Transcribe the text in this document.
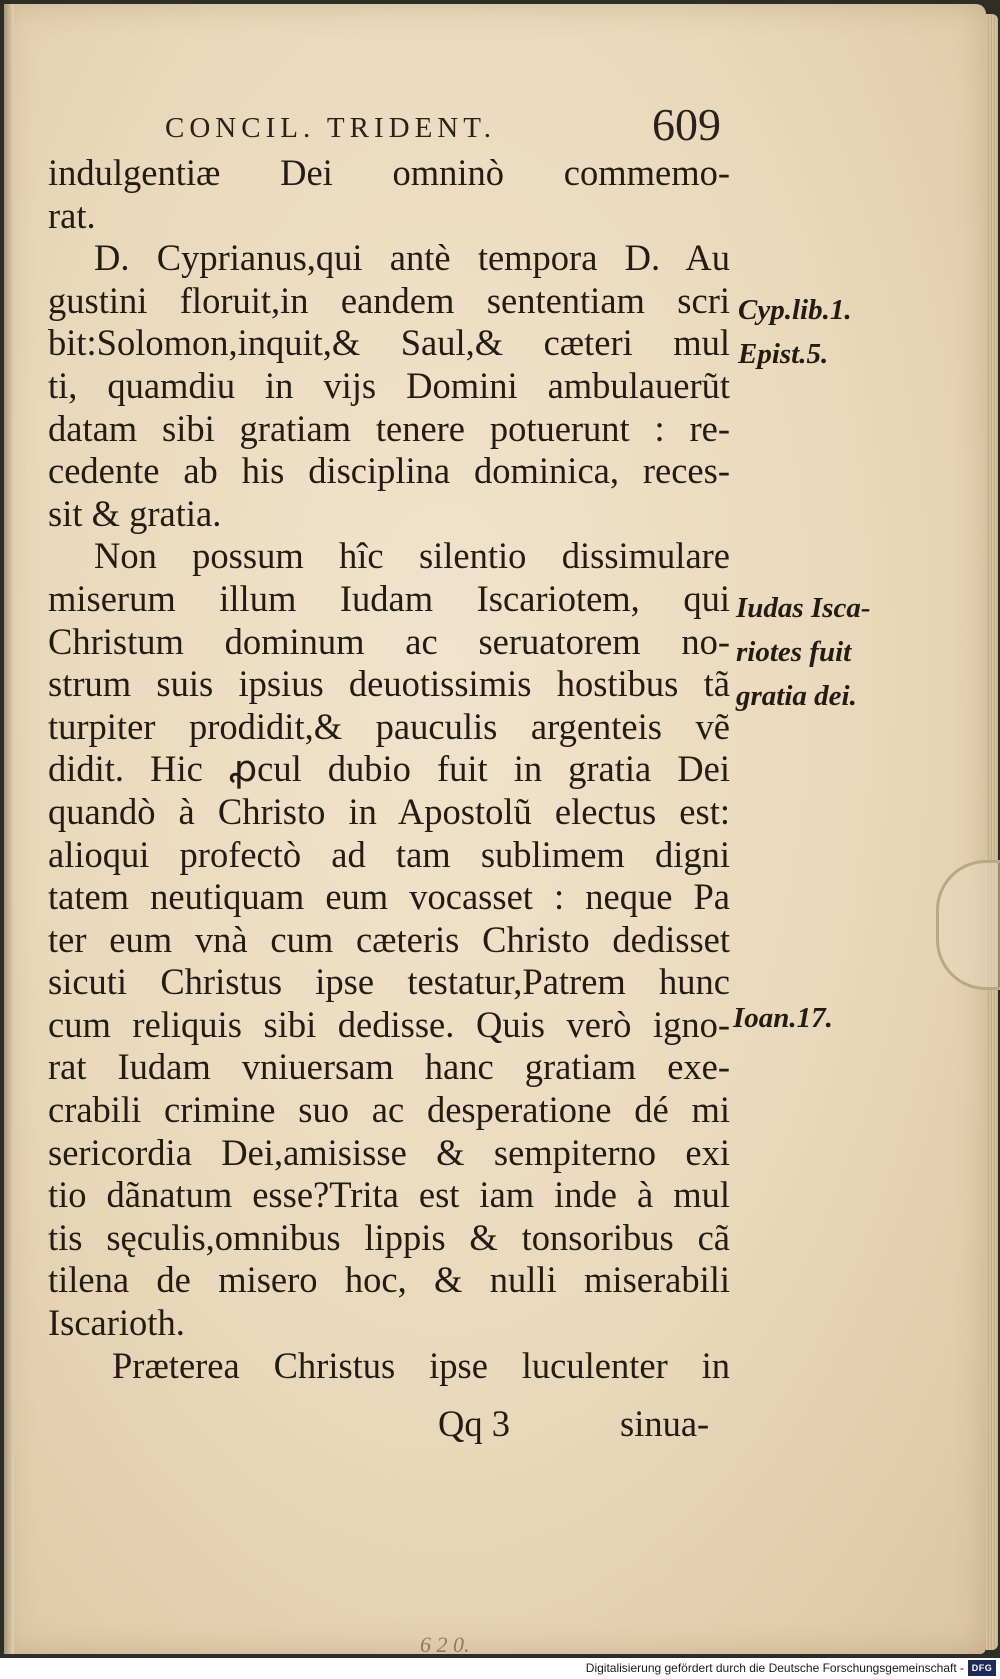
CONCIL. TRIDENT.	609
indulgentiæ Dei omninò commemo-
rat.
D. Cyprianus,qui antè tempora D. Au
gustini floruit,in eandem sententiam scri
bit:Solomon,inquit,& Saul,& cæteri mul
ti, quamdiu in vijs Domini ambulauerũt
datam sibi gratiam tenere potuerunt : re-
cedente ab his disciplina dominica, reces-
sit & gratia.
Non possum hîc silentio dissimulare
miserum illum Iudam Iscariotem, qui
Christum dominum ac seruatorem no-
strum suis ipsius deuotissimis hostibus tã
turpiter prodidit,& pauculis argenteis vẽ
didit. Hic ꝓcul dubio fuit in gratia Dei
quandò à Christo in Apostolũ electus est:
alioqui profectò ad tam sublimem digni
tatem neutiquam eum vocasset : neque Pa
ter eum vnà cum cæteris Christo dedisset
sicuti Christus ipse testatur,Patrem hunc
cum reliquis sibi dedisse. Quis verò igno-
rat Iudam vniuersam hanc gratiam exe-
crabili crimine suo ac desperatione dé mi
sericordia Dei,amisisse & sempiterno exi
tio dãnatum esse?Trita est iam inde à mul
tis sęculis,omnibus lippis & tonsoribus cã
tilena de misero hoc, & nulli miserabili
Iscarioth.
Præterea Christus ipse luculenter in
Cyp.lib.1.
Epist.5.
Iudas Isca-
riotes fuit
gratia dei.
Ioan.17.
Qq 3	sinua-
6 2 0.
Digitalisierung gefördert durch die Deutsche Forschungsgemeinschaft - DFG
